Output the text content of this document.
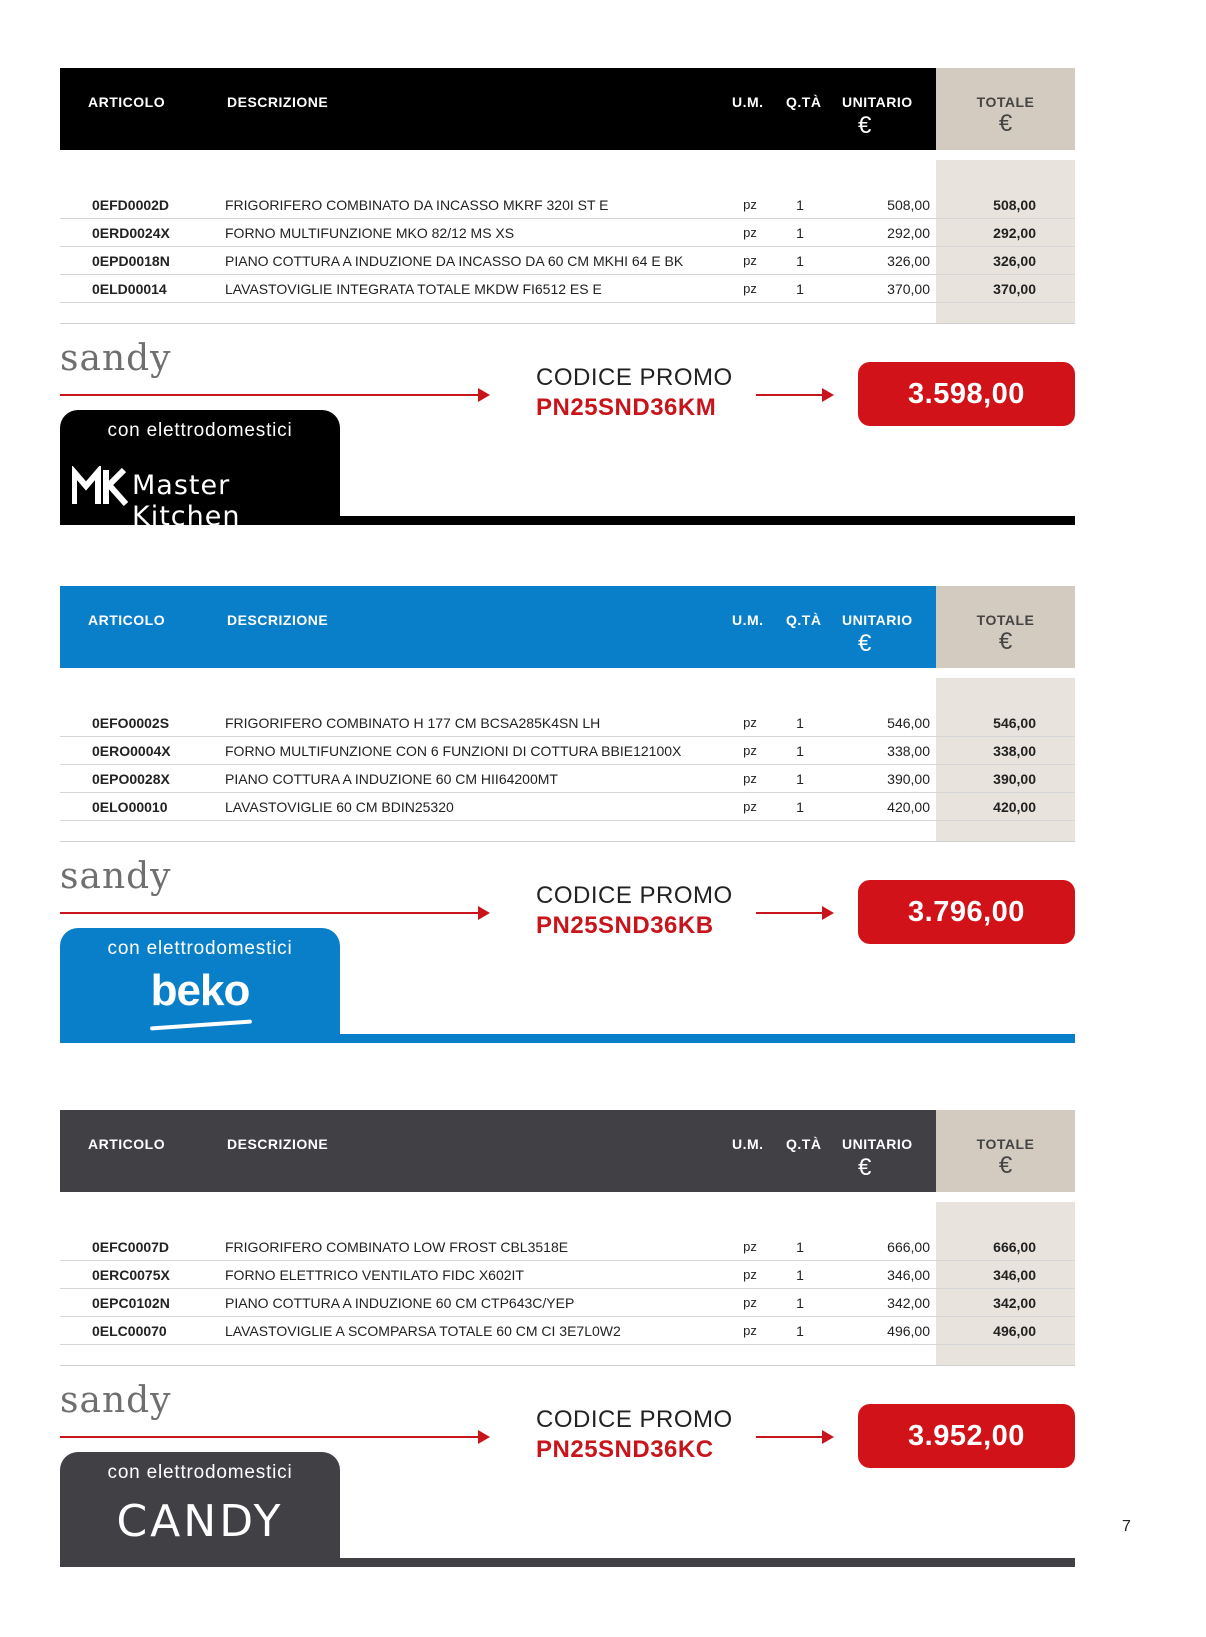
ARTICOLO	DESCRIZIONE	U.M. Q.TÀ UNITARIO
€
TOTALE
€
0EFD0002D	FRIGORIFERO COMBINATO DA INCASSO MKRF 320I ST E	pz	1	508,00	508,00
0ERD0024X	FORNO MULTIFUNZIONE MKO 82/12 MS XS	pz	1	292,00	292,00
0EPD0018N	PIANO COTTURA A INDUZIONE DA INCASSO DA 60 CM MKHI 64 E BK	pz	1	326,00	326,00
0ELD00014	LAVASTOVIGLIE INTEGRATA TOTALE MKDW FI6512 ES E	pz	1	370,00	370,00
sandy	CODICE PROMO
PN25SND36KM	3.598,00
con elettrodomestici
Master Kitchen
ARTICOLO	DESCRIZIONE	U.M. Q.TÀ UNITARIO
€
TOTALE
€
0EFO0002S	FRIGORIFERO COMBINATO H 177 CM BCSA285K4SN LH	pz	1	546,00	546,00
0ERO0004X	FORNO MULTIFUNZIONE CON 6 FUNZIONI DI COTTURA BBIE12100X	pz	1	338,00	338,00
0EPO0028X	PIANO COTTURA A INDUZIONE 60 CM HII64200MT	pz	1	390,00	390,00
0ELO00010	LAVASTOVIGLIE 60 CM BDIN25320	pz	1	420,00	420,00
sandy	CODICE PROMO
PN25SND36KB	3.796,00
con elettrodomestici
beko
ARTICOLO	DESCRIZIONE	U.M. Q.TÀ UNITARIO
€
TOTALE
€
0EFC0007D	FRIGORIFERO COMBINATO LOW FROST CBL3518E	pz	1	666,00	666,00
0ERC0075X	FORNO ELETTRICO VENTILATO FIDC X602IT	pz	1	346,00	346,00
0EPC0102N	PIANO COTTURA A INDUZIONE 60 CM CTP643C/YEP	pz	1	342,00	342,00
0ELC00070	LAVASTOVIGLIE A SCOMPARSA TOTALE 60 CM CI 3E7L0W2	pz	1	496,00	496,00
sandy	CODICE PROMO
PN25SND36KC	3.952,00
con elettrodomestici
CANDY	7
